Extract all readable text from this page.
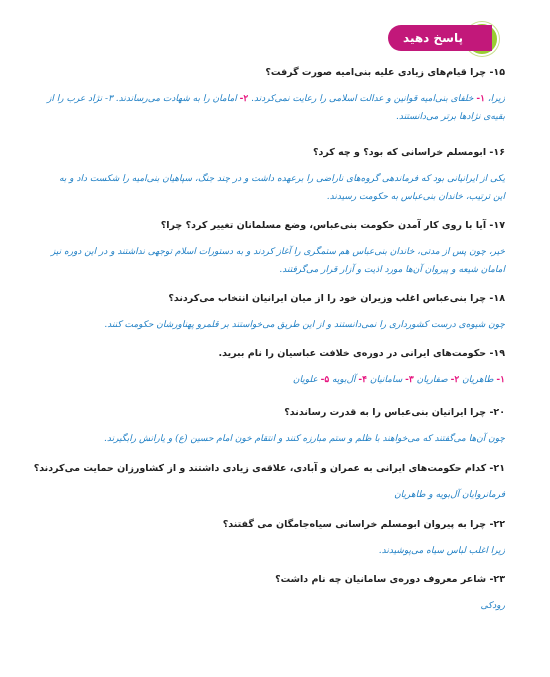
پاسخ دهید
۱۵- چرا قیام‌های زیادی علیه بنی‌امیه صورت گرفت؟
زیرا، ۱- خلفای بنی‌امیه قوانین و عدالت اسلامی را رعایت نمی‌کردند. ۲- امامان را به شهادت می‌رساندند. ۳- نژاد عرب را از بقیه‌ی نژادها برتر می‌دانستند.
۱۶- ابومسلم خراسانی که بود؟ و چه کرد؟
یکی از ایرانیانی بود که فرماندهی گروه‌های ناراضی را برعهده داشت و در چند جنگ، سپاهیان بنی‌امیه را شکست داد و به این ترتیب، خاندان بنی‌عباس به حکومت رسیدند.
۱۷- آیا با روی کار آمدن حکومت بنی‌عباس، وضع مسلمانان تغییر کرد؟ چرا؟
خیر، چون پس از مدتی، خاندان بنی‌عباس هم ستمگری را آغاز کردند و به دستورات اسلام توجهی نداشتند و در این دوره نیز امامان شیعه و پیروان آن‌ها مورد اذیت و آزار قرار می‌گرفتند.
۱۸- چرا بنی‌عباس اغلب وزیران خود را از میان ایرانیان انتخاب می‌کردند؟
چون شیوه‌ی درست کشورداری را نمی‌دانستند و از این طریق می‌خواستند بر قلمرو پهناورشان حکومت کنند.
۱۹- حکومت‌های ایرانی در دوره‌ی خلافت عباسیان را نام ببرید.
۱- طاهریان ۲- صفاریان ۳- سامانیان ۴- آل‌بویه ۵- علویان
۲۰- چرا ایرانیان بنی‌عباس را به قدرت رساندند؟
چون آن‌ها می‌گفتند که می‌خواهند با ظلم و ستم مبارزه کنند و انتقام خون امام حسین (ع) و یارانش رابگیرند.
۲۱- کدام حکومت‌های ایرانی به عمران و آبادی، علاقه‌ی زیادی داشتند و از کشاورزان حمایت می‌کردند؟
فرمانروایان آل‌بویه و طاهریان
۲۲- چرا به پیروان ابومسلم خراسانی سیاه‌جامگان می گفتند؟
زیرا اغلب لباس سیاه می‌پوشیدند.
۲۳- شاعر معروف دوره‌ی سامانیان چه نام داشت؟
رودکی
